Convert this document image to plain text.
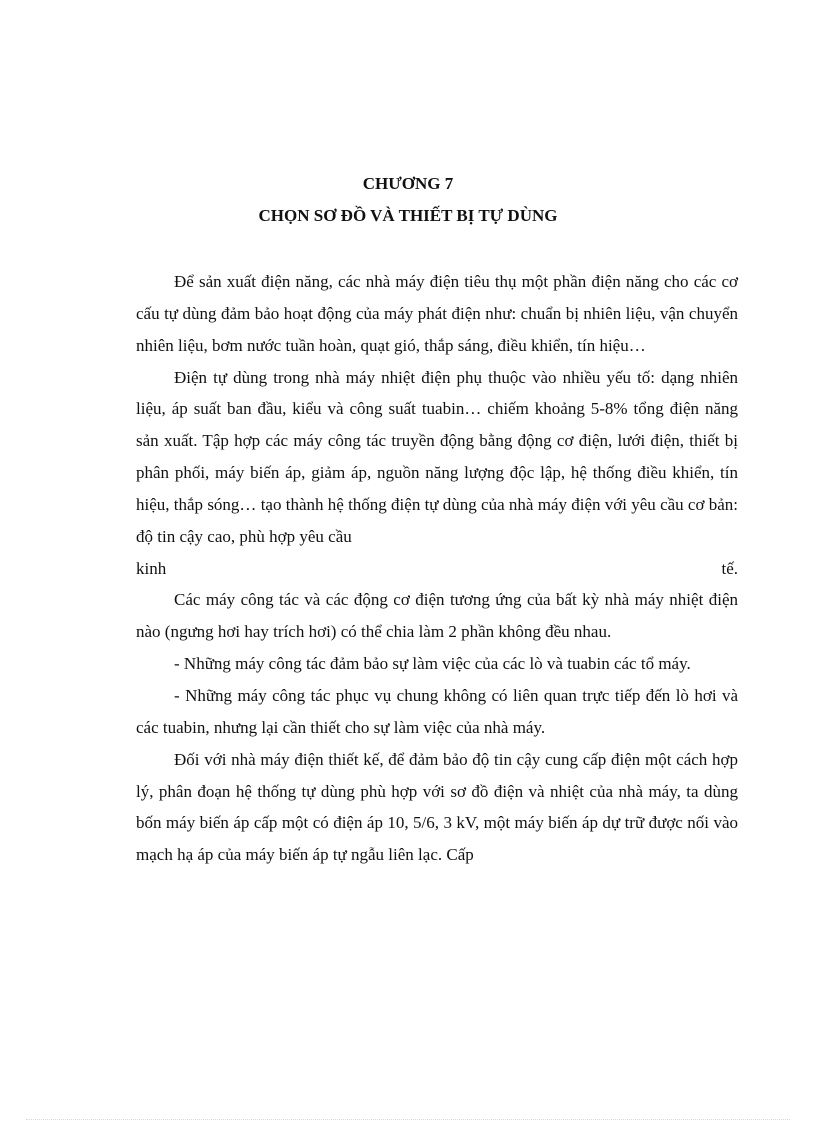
CHƯƠNG 7
CHỌN SƠ ĐỒ VÀ THIẾT BỊ TỰ DÙNG

Để sản xuất điện năng, các nhà máy điện tiêu thụ một phần điện năng cho các cơ cấu tự dùng đảm bảo hoạt động của máy phát điện như: chuẩn bị nhiên liệu, vận chuyển nhiên liệu, bơm nước tuần hoàn, quạt gió, thắp sáng, điều khiển, tín hiệu…

Điện tự dùng trong nhà máy nhiệt điện phụ thuộc vào nhiều yếu tố: dạng nhiên liệu, áp suất ban đầu, kiểu và công suất tuabin… chiếm khoảng 5-8% tổng điện năng sản xuất. Tập hợp các máy công tác truyền động bằng động cơ điện, lưới điện, thiết bị phân phối, máy biến áp, giảm áp, nguồn năng lượng độc lập, hệ thống điều khiển, tín hiệu, thắp sóng… tạo thành hệ thống điện tự dùng của nhà máy điện với yêu cầu cơ bản: độ tin cậy cao, phù hợp yêu cầu

kinh tế.

Các máy công tác và các động cơ điện tương ứng của bất kỳ nhà máy nhiệt điện nào (ngưng hơi hay trích hơi) có thể chia làm 2 phần không đều nhau.

- Những máy công tác đảm bảo sự làm việc của các lò và tuabin các tổ máy.

- Những máy công tác phục vụ chung không có liên quan trực tiếp đến lò hơi và các tuabin, nhưng lại cần thiết cho sự làm việc của nhà máy.

Đối với nhà máy điện thiết kế, để đảm bảo độ tin cậy cung cấp điện một cách hợp lý, phân đoạn hệ thống tự dùng phù hợp với sơ đồ điện và nhiệt của nhà máy, ta dùng bốn máy biến áp cấp một có điện áp 10, 5/6, 3 kV, một máy biến áp dự trữ được nối vào mạch hạ áp của máy biến áp tự ngẫu liên lạc. Cấp
